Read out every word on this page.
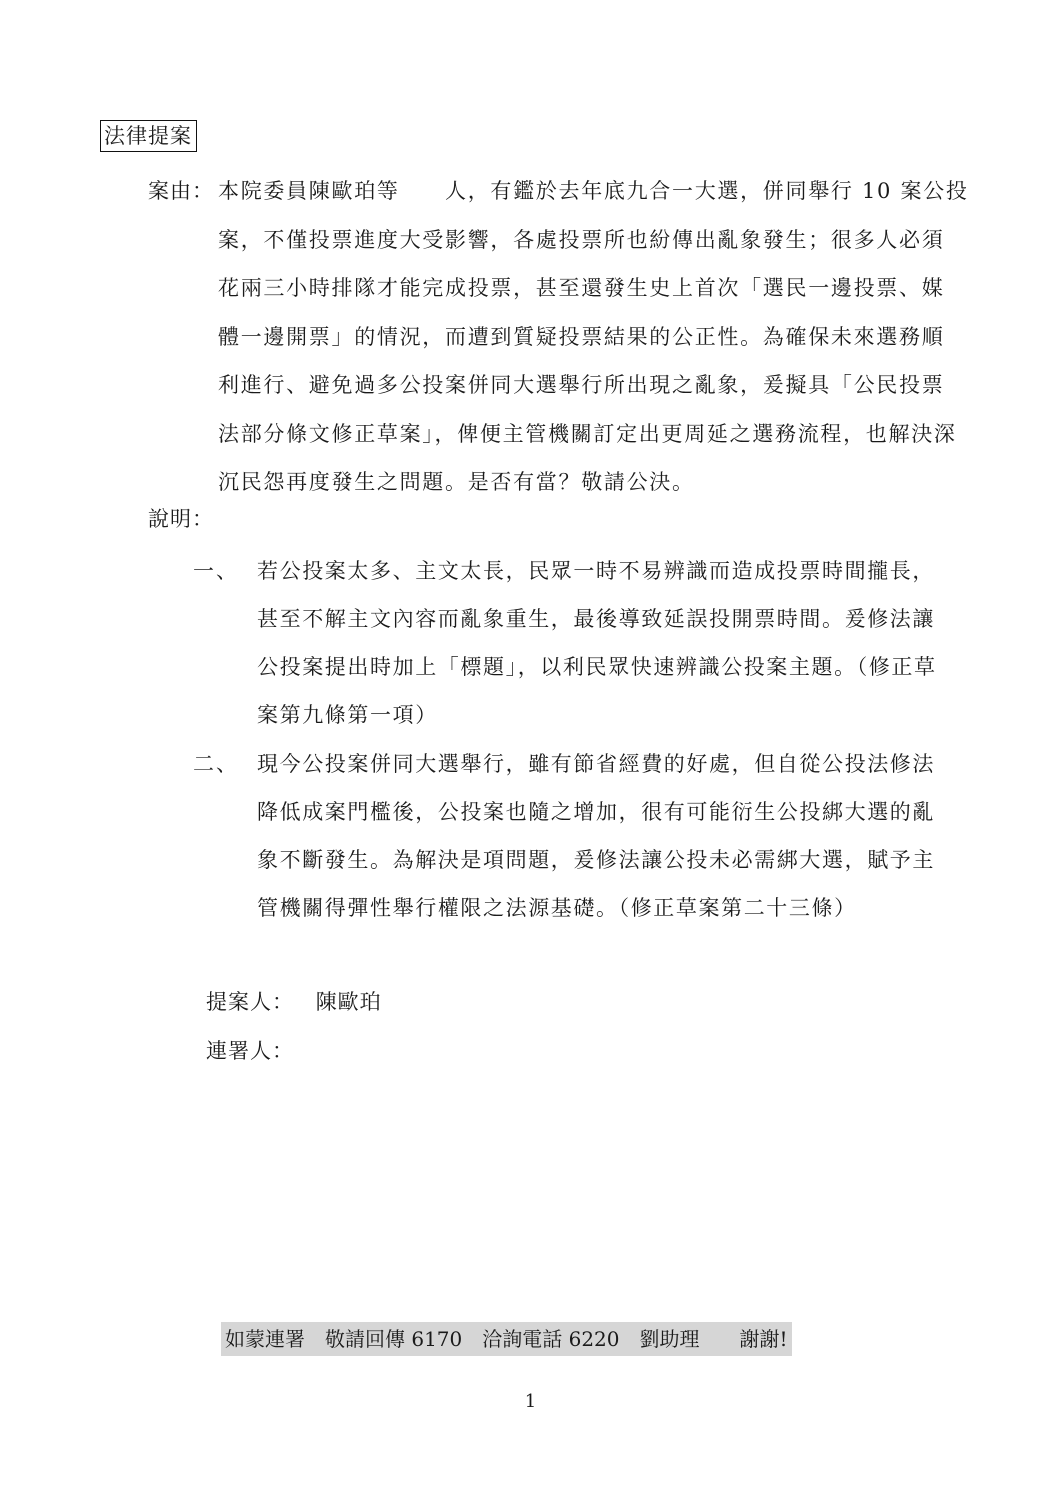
法律提案
案由： 本院委員陳歐珀等　　人，有鑑於去年底九合一大選，併同舉行 10 案公投
案，不僅投票進度大受影響，各處投票所也紛傳出亂象發生；很多人必須
花兩三小時排隊才能完成投票，甚至還發生史上首次「選民一邊投票、媒
體一邊開票」的情況，而遭到質疑投票結果的公正性。為確保未來選務順
利進行、避免過多公投案併同大選舉行所出現之亂象，爰擬具「公民投票
法部分條文修正草案」，俾便主管機關訂定出更周延之選務流程，也解決深
沉民怨再度發生之問題。是否有當？敬請公決。
說明：
一、 若公投案太多、主文太長，民眾一時不易辨識而造成投票時間攏長，
甚至不解主文內容而亂象重生，最後導致延誤投開票時間。爰修法讓
公投案提出時加上「標題」，以利民眾快速辨識公投案主題。（修正草
案第九條第一項）
二、 現今公投案併同大選舉行，雖有節省經費的好處，但自從公投法修法
降低成案門檻後，公投案也隨之增加，很有可能衍生公投綁大選的亂
象不斷發生。為解決是項問題，爰修法讓公投未必需綁大選，賦予主
管機關得彈性舉行權限之法源基礎。（修正草案第二十三條）
提案人： 陳歐珀
連署人：
如蒙連署　敬請回傳 6170　洽詢電話 6220　劉助理　　謝謝!
1
